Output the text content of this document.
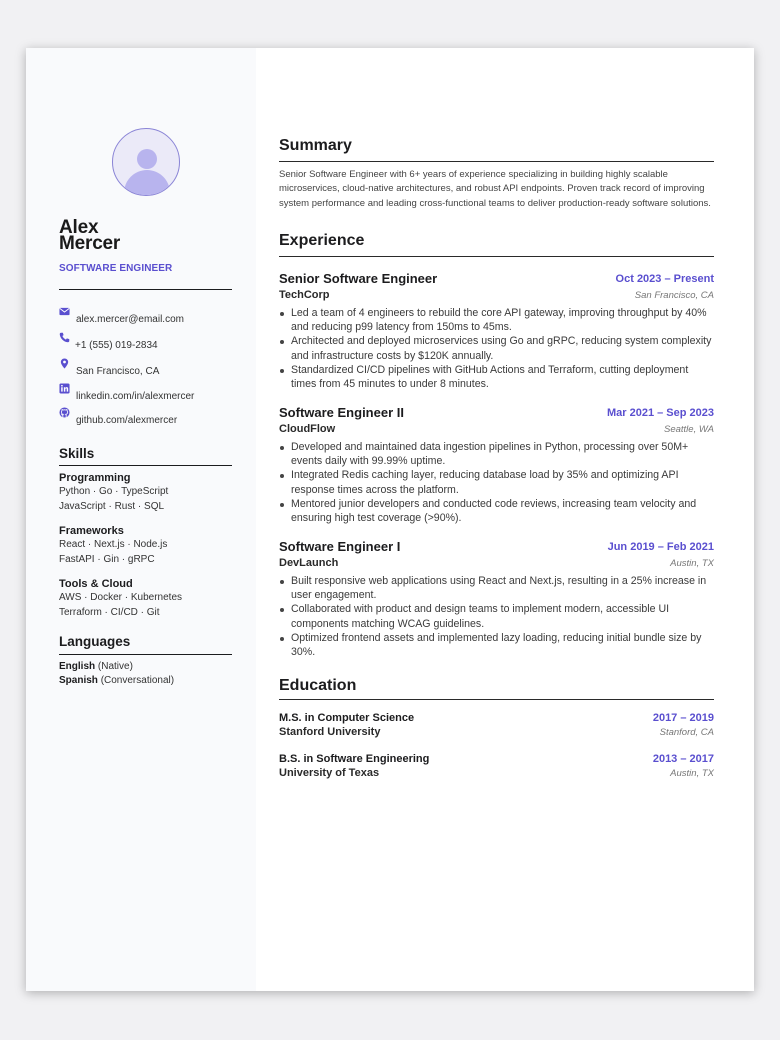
Alex
Mercer
SOFTWARE ENGINEER
alex.mercer@email.com
+1 (555) 019-2834
San Francisco, CA
linkedin.com/in/alexmercer
github.com/alexmercer
Skills
Programming
Python · Go · TypeScript
JavaScript · Rust · SQL
Frameworks
React · Next.js · Node.js
FastAPI · Gin · gRPC
Tools & Cloud
AWS · Docker · Kubernetes
Terraform · CI/CD · Git
Languages
English (Native)
Spanish (Conversational)
Summary
Senior Software Engineer with 6+ years of experience specializing in building highly scalable microservices, cloud-native architectures, and robust API endpoints. Proven track record of improving system performance and leading cross-functional teams to deliver production-ready software solutions.
Experience
Senior Software Engineer	Oct 2023 – Present
TechCorp	San Francisco, CA
Led a team of 4 engineers to rebuild the core API gateway, improving throughput by 40% and reducing p99 latency from 150ms to 45ms.
Architected and deployed microservices using Go and gRPC, reducing system complexity and infrastructure costs by $120K annually.
Standardized CI/CD pipelines with GitHub Actions and Terraform, cutting deployment times from 45 minutes to under 8 minutes.
Software Engineer II	Mar 2021 – Sep 2023
CloudFlow	Seattle, WA
Developed and maintained data ingestion pipelines in Python, processing over 50M+ events daily with 99.99% uptime.
Integrated Redis caching layer, reducing database load by 35% and optimizing API response times across the platform.
Mentored junior developers and conducted code reviews, increasing team velocity and ensuring high test coverage (>90%).
Software Engineer I	Jun 2019 – Feb 2021
DevLaunch	Austin, TX
Built responsive web applications using React and Next.js, resulting in a 25% increase in user engagement.
Collaborated with product and design teams to implement modern, accessible UI components matching WCAG guidelines.
Optimized frontend assets and implemented lazy loading, reducing initial bundle size by 30%.
Education
M.S. in Computer Science	2017 – 2019
Stanford University	Stanford, CA
B.S. in Software Engineering	2013 – 2017
University of Texas	Austin, TX
